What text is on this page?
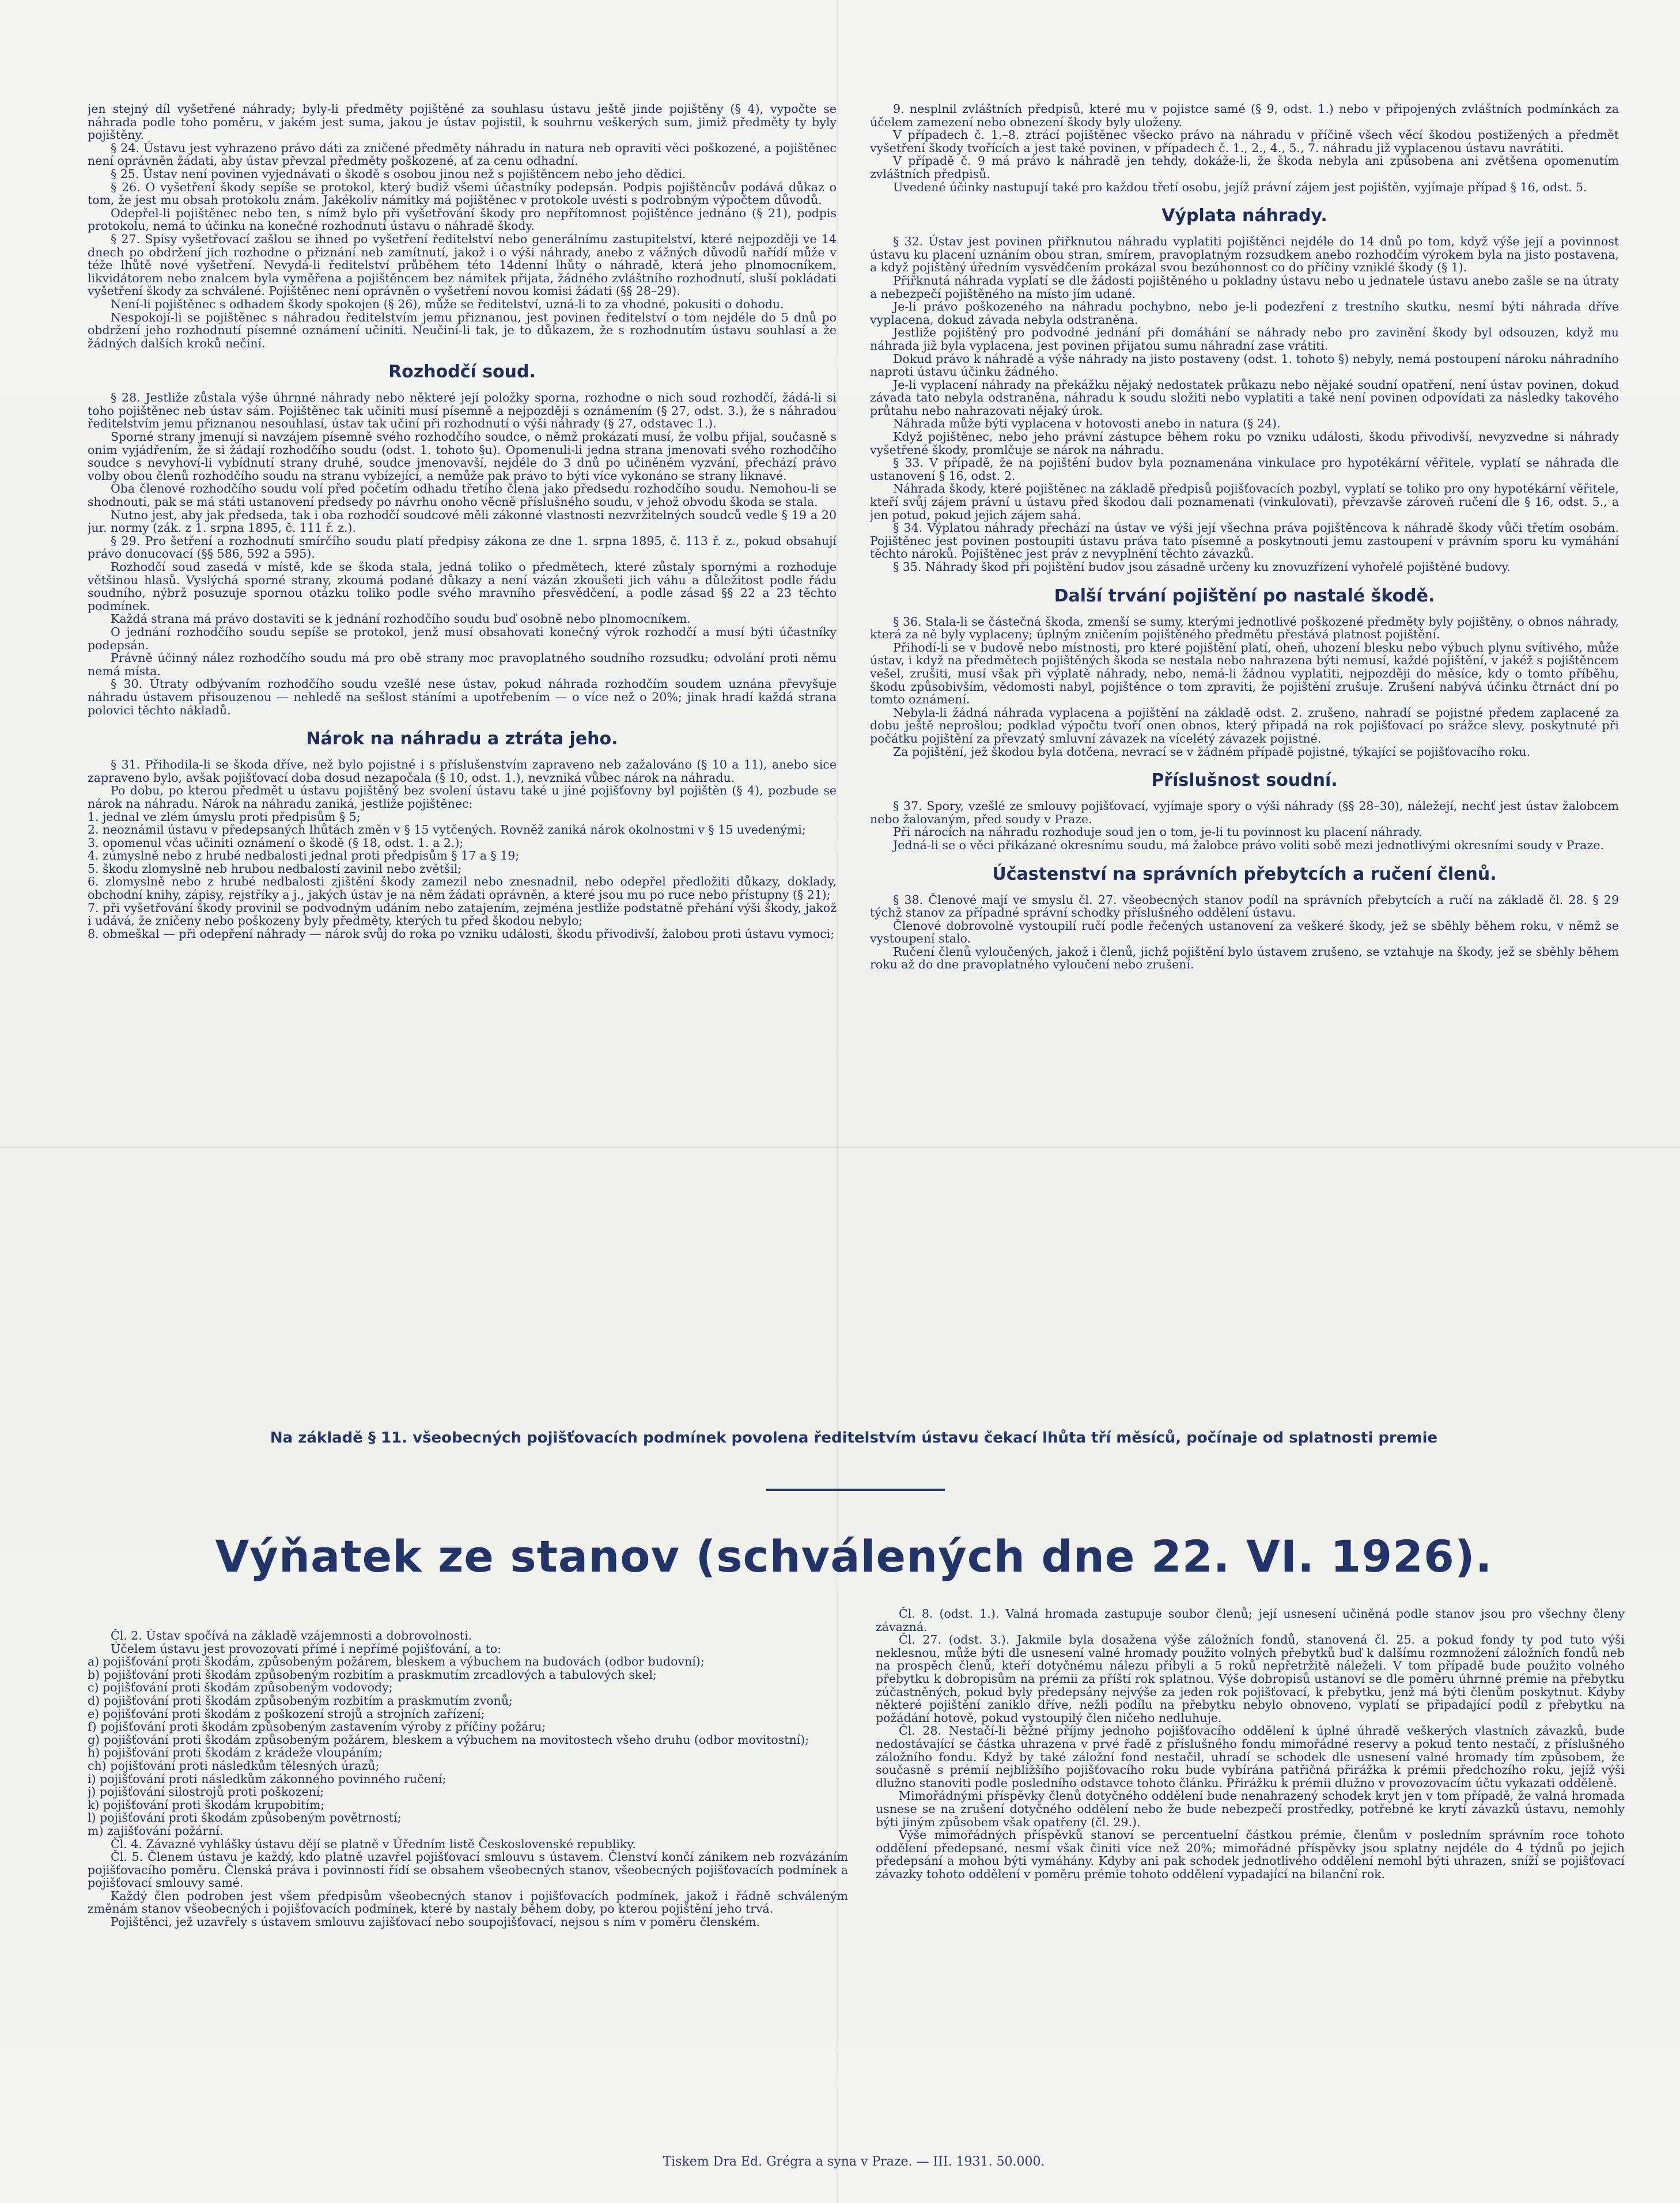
jen stejný díl vyšetřené náhrady; byly-li předměty pojištěné za souhlasu ústavu ještě jinde pojištěny (§ 4), vypočte se náhrada podle toho poměru, v jakém jest suma, jakou je ústav pojistil, k souhrnu veškerých sum, jimiž předměty ty byly pojištěny.

§ 24. Ústavu jest vyhrazeno právo dáti za zničené předměty náhradu in natura neb opraviti věci poškozené, a pojištěnec není oprávněn žádati, aby ústav převzal předměty poškozené, ať za cenu odhadní.

§ 25. Ústav není povinen vyjednávati o škodě s osobou jinou než s pojištěncem nebo jeho dědici.

§ 26. O vyšetření škody sepíše se protokol, který budiž všemi účastníky podepsán. Podpis pojištěncův podává důkaz o tom, že jest mu obsah protokolu znám. Jakékoliv námitky má pojištěnec v protokole uvésti s podrobným výpočtem důvodů.

Odepřel-li pojištěnec nebo ten, s nímž bylo při vyšetřování škody pro nepřítomnost pojištěnce jednáno (§ 21), podpis protokolu, nemá to účinku na konečné rozhodnutí ústavu o náhradě škody.

§ 27. Spisy vyšetřovací zašlou se ihned po vyšetření ředitelství nebo generálnímu zastupitelství, které nejpozději ve 14 dnech po obdržení jich rozhodne o přiznání neb zamítnutí, jakož i o výši náhrady, anebo z vážných důvodů nařídí může v téže lhůtě nové vyšetření. Nevydá-li ředitelství průběhem této 14denní lhůty o náhradě, která jeho plnomocníkem, likvidátorem nebo znalcem byla vyměřena a pojištěncem bez námitek přijata, žádného zvláštního rozhodnutí, sluší pokládati vyšetření škody za schválené. Pojištěnec není oprávněn o vyšetření novou komisi žádati (§§ 28–29).

Není-li pojištěnec s odhadem škody spokojen (§ 26), může se ředitelství, uzná-li to za vhodné, pokusiti o dohodu.

Nespokojí-li se pojištěnec s náhradou ředitelstvím jemu přiznanou, jest povinen ředitelství o tom nejdéle do 5 dnů po obdržení jeho rozhodnutí písemné oznámení učiniti. Neučiní-li tak, je to důkazem, že s rozhodnutím ústavu souhlasí a že žádných dalších kroků nečiní.

Rozhodčí soud.

§ 28. Jestliže zůstala výše úhrnné náhrady nebo některé její položky sporna, rozhodne o nich soud rozhodčí, žádá-li si toho pojištěnec neb ústav sám. Pojištěnec tak učiniti musí písemně a nejpozději s oznámením (§ 27, odst. 3.), že s náhradou ředitelstvím jemu přiznanou nesouhlasí, ústav tak učiní při rozhodnutí o výši náhrady (§ 27, odstavec 1.).

Sporné strany jmenují si navzájem písemně svého rozhodčího soudce, o němž prokázati musí, že volbu přijal, současně s onim vyjádřením, že si žádají rozhodčího soudu (odst. 1. tohoto §u). Opomenuli-li jedna strana jmenovati svého rozhodčího soudce s nevyhoví-li vybídnutí strany druhé, soudce jmenovavší, nejdéle do 3 dnů po učiněném vyzvání, přechází právo volby obou členů rozhodčího soudu na stranu vybízející, a nemůže pak právo to býti více vykonáno se strany liknavé.

Oba členové rozhodčího soudu volí před početím odhadu třetího člena jako předsedu rozhodčího soudu. Nemohou-li se shodnouti, pak se má státi ustanovení předsedy po návrhu onoho věcně příslušného soudu, v jehož obvodu škoda se stala.

Nutno jest, aby jak předseda, tak i oba rozhodčí soudcové měli zákonné vlastnosti nezvržitelných soudců vedle § 19 a 20 jur. normy (zák. z 1. srpna 1895, č. 111 ř. z.).

§ 29. Pro šetření a rozhodnutí smírčího soudu platí předpisy zákona ze dne 1. srpna 1895, č. 113 ř. z., pokud obsahují právo donucovací (§§ 586, 592 a 595).

Rozhodčí soud zasedá v místě, kde se škoda stala, jedná toliko o předmětech, které zůstaly spornými a rozhoduje většinou hlasů. Vyslýchá sporné strany, zkoumá podané důkazy a není vázán zkoušeti jich váhu a důležitost podle řádu soudního, nýbrž posuzuje spornou otázku toliko podle svého mravního přesvědčení, a podle zásad §§ 22 a 23 těchto podmínek.

Každá strana má právo dostaviti se k jednání rozhodčího soudu buď osobně nebo plnomocníkem.

O jednání rozhodčího soudu sepíše se protokol, jenž musí obsahovati konečný výrok rozhodčí a musí býti účastníky podepsán.

Právně účinný nález rozhodčího soudu má pro obě strany moc pravoplatného soudního rozsudku; odvolání proti němu nemá místa.

§ 30. Útraty odbývaním rozhodčího soudu vzešlé nese ústav, pokud náhrada rozhodčím soudem uznána převyšuje náhradu ústavem přisouzenou — nehledě na sešlost stáními a upotřebením — o více než o 20%; jinak hradí každá strana polovici těchto nákladů.

Nárok na náhradu a ztráta jeho.

§ 31. Přihodila-li se škoda dříve, než bylo pojistné i s příslušenstvím zapraveno neb zažalováno (§ 10 a 11), anebo sice zapraveno bylo, avšak pojišťovací doba dosud nezapočala (§ 10, odst. 1.), nevzniká vůbec nárok na náhradu.

Po dobu, po kterou předmět u ústavu pojištěný bez svolení ústavu také u jiné pojišťovny byl pojištěn (§ 4), pozbude se nárok na náhradu. Nárok na náhradu zaniká, jestliže pojištěnec:

1. jednal ve zlém úmyslu proti předpisům § 5;

2. neoznámil ústavu v předepsaných lhůtách změn v § 15 vytčených. Rovněž zaniká nárok okolnostmi v § 15 uvedenými;

3. opomenul včas učiniti oznámení o škodě (§ 18, odst. 1. a 2.);

4. zúmyslně nebo z hrubé nedbalosti jednal proti předpisům § 17 a § 19;

5. škodu zlomyslně neb hrubou nedbalostí zavinil nebo zvětšil;

6. zlomyslně nebo z hrubé nedbalosti zjištění škody zamezil nebo znesnadnil, nebo odepřel předložiti důkazy, doklady, obchodní knihy, zápisy, rejstříky a j., jakých ústav je na něm žádati oprávněn, a které jsou mu po ruce nebo přístupny (§ 21);

7. při vyšetřování škody provinil se podvodným udáním nebo zatajením, zejména jestliže podstatně přehání výši škody, jakož i udává, že zničeny nebo poškozeny byly předměty, kterých tu před škodou nebylo;

8. obmeškal — při odepření náhrady — nárok svůj do roka po vzniku události, škodu přivodivší, žalobou proti ústavu vymoci;

9. nesplnil zvláštních předpisů, které mu v pojistce samé (§ 9, odst. 1.) nebo v připojených zvláštních podmínkách za účelem zamezení nebo obnezení škody byly uloženy.

V případech č. 1.–8. ztrácí pojištěnec všecko právo na náhradu v příčině všech věcí škodou postižených a předmět vyšetření škody tvořících a jest také povinen, v případech č. 1., 2., 4., 5., 7. náhradu již vyplacenou ústavu navrátiti.

V případě č. 9 má právo k náhradě jen tehdy, dokáže-li, že škoda nebyla ani způsobena ani zvětšena opomenutím zvláštních předpisů.

Uvedené účinky nastupují také pro každou třetí osobu, jejíž právní zájem jest pojištěn, vyjímaje případ § 16, odst. 5.

Výplata náhrady.

§ 32. Ústav jest povinen přiřknutou náhradu vyplatiti pojištěnci nejdéle do 14 dnů po tom, když výše její a povinnost ústavu ku placení uznáním obou stran, smírem, pravoplatným rozsudkem anebo rozhodčím výrokem byla na jisto postavena, a když pojištěný úředním vysvědčením prokázal svou bezúhonnost co do příčiny vzniklé škody (§ 1).

Přiřknutá náhrada vyplatí se dle žádosti pojištěného u pokladny ústavu nebo u jednatele ústavu anebo zašle se na útraty a nebezpečí pojištěného na místo jím udané.

Je-li právo poškozeného na náhradu pochybno, nebo je-li podezření z trestního skutku, nesmí býti náhrada dříve vyplacena, dokud závada nebyla odstraněna.

Jestliže pojištěný pro podvodné jednání při domáhání se náhrady nebo pro zavinění škody byl odsouzen, když mu náhrada již byla vyplacena, jest povinen přijatou sumu náhradní zase vrátiti.

Dokud právo k náhradě a výše náhrady na jisto postaveny (odst. 1. tohoto §) nebyly, nemá postoupení nároku náhradního naproti ústavu účinku žádného.

Je-li vyplacení náhrady na překážku nějaký nedostatek průkazu nebo nějaké soudní opatření, není ústav povinen, dokud závada tato nebyla odstraněna, náhradu k soudu složiti nebo vyplatiti a také není povinen odpovídati za následky takového průtahu nebo nahrazovati nějaký úrok.

Náhrada může býti vyplacena v hotovosti anebo in natura (§ 24).

Když pojištěnec, nebo jeho právní zástupce během roku po vzniku události, škodu přivodivší, nevyzvedne si náhrady vyšetřené škody, promlčuje se nárok na náhradu.

§ 33. V případě, že na pojištění budov byla poznamenána vinkulace pro hypotékární věřitele, vyplatí se náhrada dle ustanovení § 16, odst. 2.

Náhrada škody, které pojištěnec na základě předpisů pojišťovacích pozbyl, vyplatí se toliko pro ony hypotékární věřitele, kteří svůj zájem právní u ústavu před škodou dali poznamenati (vinkulovati), převzavše zároveň ručení dle § 16, odst. 5., a jen potud, pokud jejich zájem sahá.

§ 34. Výplatou náhrady přechází na ústav ve výši její všechna práva pojištěncova k náhradě škody vůči třetím osobám. Pojištěnec jest povinen postoupiti ústavu práva tato písemně a poskytnouti jemu zastoupení v právním sporu ku vymáhání těchto nároků. Pojištěnec jest práv z nevyplnění těchto závazků.

§ 35. Náhrady škod při pojištění budov jsou zásadně určeny ku znovuzřízení vyhořelé pojištěné budovy.

Další trvání pojištění po nastalé škodě.

§ 36. Stala-li se částečná škoda, zmenší se sumy, kterými jednotlivé poškozené předměty byly pojištěny, o obnos náhrady, která za ně byly vyplaceny; úplným zničením pojištěného předmětu přestává platnost pojištění.

Přihodí-li se v budově nebo místnosti, pro které pojištění platí, oheň, uhození blesku nebo výbuch plynu svítivého, může ústav, i když na předmětech pojištěných škoda se nestala nebo nahrazena býti nemusí, každé pojištění, v jakéž s pojištěncem vešel, zrušiti, musí však při výplatě náhrady, nebo, nemá-li žádnou vyplatiti, nejpozději do měsíce, kdy o tomto příběhu, škodu způsobivším, vědomosti nabyl, pojištěnce o tom zpraviti, že pojištění zrušuje. Zrušení nabývá účinku čtrnáct dní po tomto oznámení.

Nebyla-li žádná náhrada vyplacena a pojištění na základě odst. 2. zrušeno, nahradí se pojistné předem zaplacené za dobu ještě neprošlou; podklad výpočtu tvoří onen obnos, který připadá na rok pojišťovací po srážce slevy, poskytnuté při počátku pojištění za převzatý smluvní závazek na vícelétý závazek pojistné.

Za pojištění, jež škodou byla dotčena, nevrací se v žádném případě pojistné, týkající se pojišťovacího roku.

Příslušnost soudní.

§ 37. Spory, vzešlé ze smlouvy pojišťovací, vyjímaje spory o výši náhrady (§§ 28–30), náležejí, nechť jest ústav žalobcem nebo žalovaným, před soudy v Praze.

Při nárocích na náhradu rozhoduje soud jen o tom, je-li tu povinnost ku placení náhrady.

Jedná-li se o věci přikázané okresnímu soudu, má žalobce právo voliti sobě mezi jednotlivými okresními soudy v Praze.

Účastenství na správních přebytcích a ručení členů.

§ 38. Členové mají ve smyslu čl. 27. všeobecných stanov podíl na správních přebytcích a ručí na základě čl. 28. § 29 týchž stanov za případné správní schodky příslušného oddělení ústavu.

Členové dobrovolně vystoupilí ručí podle řečených ustanovení za veškeré škody, jež se sběhly během roku, v němž se vystoupení stalo.

Ručení členů vyloučených, jakož i členů, jichž pojištění bylo ústavem zrušeno, se vztahuje na škody, jež se sběhly během roku až do dne pravoplatného vyloučení nebo zrušení.

Na základě § 11. všeobecných pojišťovacích podmínek povolena ředitelstvím ústavu čekací lhůta tří měsíců, počínaje od splatnosti premie
Výňatek ze stanov (schválených dne 22. VI. 1926).

Čl. 2. Ústav spočívá na základě vzájemnosti a dobrovolnosti.

Účelem ústavu jest provozovati přímé i nepřímé pojišťování, a to:

a) pojišťování proti škodám, způsobeným požárem, bleskem a výbuchem na budovách (odbor budovní);

b) pojišťování proti škodám způsobeným rozbitím a praskmutím zrcadlových a tabulových skel;

c) pojišťování proti škodám způsobeným vodovody;

d) pojišťování proti škodám způsobeným rozbitím a praskmutím zvonů;

e) pojišťování proti škodám z poškození strojů a strojních zařízení;

f) pojišťování proti škodám způsobeným zastavením výroby z příčiny požáru;

g) pojišťování proti škodám způsobeným požárem, bleskem a výbuchem na movitostech všeho druhu (odbor movitostní);

h) pojišťování proti škodám z krádeže vloupáním;

ch) pojišťování proti následkům tělesných úrazů;

i) pojišťování proti následkům zákonného povinného ručení;

j) pojišťování silostrojů proti poškození;

k) pojišťování proti škodám krupobitím;

l) pojišťování proti škodám způsobeným povětrností;

m) zajišťování požární.

Čl. 4. Závazné vyhlášky ústavu dějí se platně v Úředním listě Československé republiky.

Čl. 5. Členem ústavu je každý, kdo platně uzavřel pojišťovací smlouvu s ústavem. Členství končí zánikem neb rozvázáním pojišťovacího poměru. Členská práva i povinnosti řídí se obsahem všeobecných stanov, všeobecných pojišťovacích podmínek a pojišťovací smlouvy samé.

Každý člen podroben jest všem předpisům všeobecných stanov i pojišťovacích podmínek, jakož i řádně schváleným změnám stanov všeobecných i pojišťovacích podmínek, které by nastaly během doby, po kterou pojištění jeho trvá.

Pojištěnci, jež uzavřely s ústavem smlouvu zajišťovací nebo soupojišťovací, nejsou s ním v poměru členském.

Čl. 8. (odst. 1.). Valná hromada zastupuje soubor členů; její usnesení učiněná podle stanov jsou pro všechny členy závazná.

Čl. 27. (odst. 3.). Jakmile byla dosažena výše záložních fondů, stanovená čl. 25. a pokud fondy ty pod tuto výši neklesnou, může býti dle usnesení valné hromady použito volných přebytků buď k dalšímu rozmnožení záložních fondů neb na prospěch členů, kteří dotyčnému nálezu přibyli a 5 roků nepřetržitě náleželi. V tom případě bude použito volného přebytku k dobropisům na prémii za příští rok splatnou. Výše dobropisů ustanoví se dle poměru úhrnné prémie na přebytku zúčastněných, pokud byly předepsány nejvýše za jeden rok pojišťovací, k přebytku, jenž má býti členům poskytnut. Kdyby některé pojištění zaniklo dříve, nežli podílu na přebytku nebylo obnoveno, vyplatí se připadající podíl z přebytku na požádání hotově, pokud vystoupilý člen ničeho nedluhuje.

Čl. 28. Nestačí-li běžné příjmy jednoho pojišťovacího oddělení k úplné úhradě veškerých vlastních závazků, bude nedostávající se částka uhrazena v prvé řadě z příslušného fondu mimořádné reservy a pokud tento nestačí, z příslušného záložního fondu. Když by také záložní fond nestačil, uhradí se schodek dle usnesení valné hromady tím způsobem, že současně s prémií nejbližšího pojišťovacího roku bude vybírána patřičná přirážka k prémii předchozího roku, jejíž výši dlužno stanoviti podle posledního odstavce tohoto článku. Přirážku k prémii dlužno v provozovacím účtu vykazati odděleně.

Mimořádnými příspěvky členů dotyčného oddělení bude nenahrazený schodek kryt jen v tom případě, že valná hromada usnese se na zrušení dotyčného oddělení nebo že bude nebezpečí prostředky, potřebné ke krytí závazků ústavu, nemohly býti jiným způsobem však opatřeny (čl. 29.).

Výše mimořádných příspěvků stanoví se percentuelní částkou prémie, členům v posledním správním roce tohoto oddělení předepsané, nesmí však činiti více než 20%; mimořádné příspěvky jsou splatny nejdéle do 4 týdnů po jejich předepsání a mohou býti vymáhány. Kdyby ani pak schodek jednotlivého oddělení nemohl býti uhrazen, sníží se pojišťovací závazky tohoto oddělení v poměru prémie tohoto oddělení vypadající na bilanční rok.

Tiskem Dra Ed. Grégra a syna v Praze. — III. 1931. 50.000.
